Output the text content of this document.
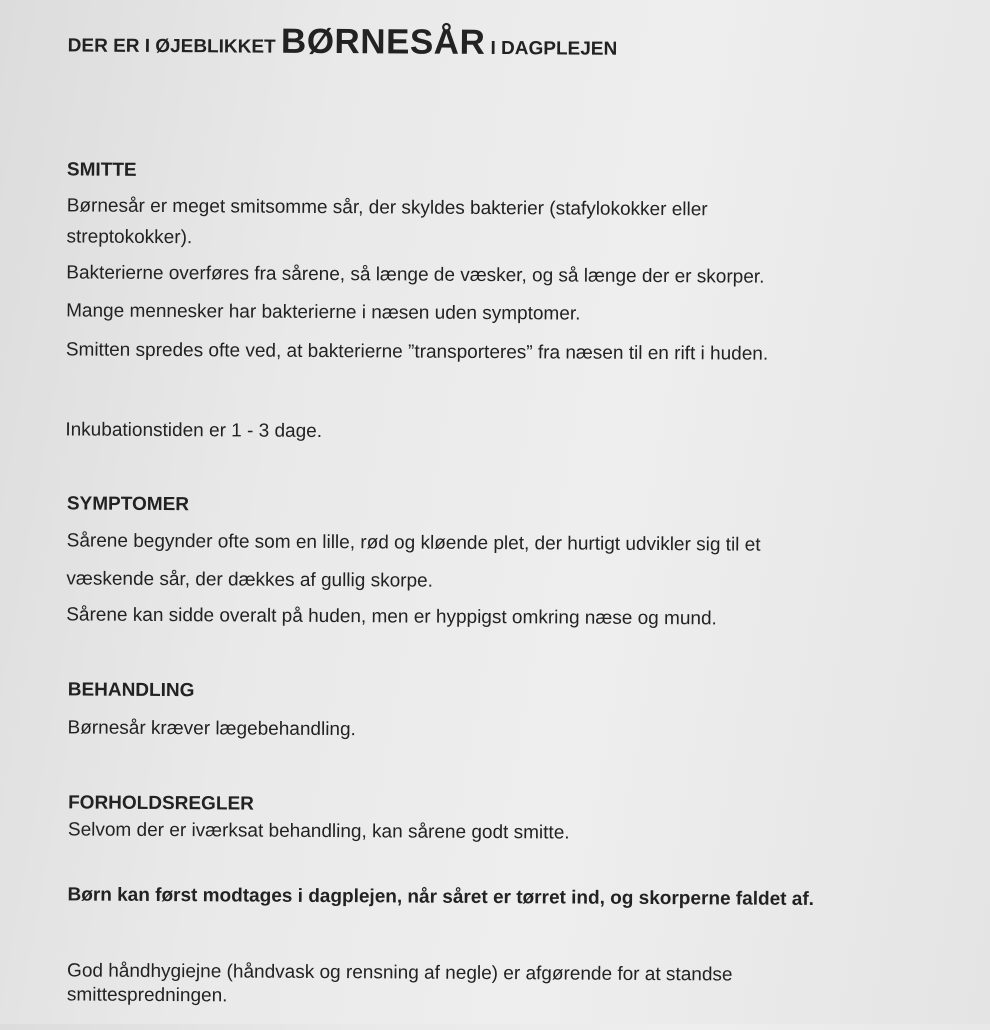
DER ER I ØJEBLIKKET BØRNESÅR I DAGPLEJEN
SMITTE
Børnesår er meget smitsomme sår, der skyldes bakterier (stafylokokker eller
streptokokker).
Bakterierne overføres fra sårene, så længe de væsker, og så længe der er skorper.
Mange mennesker har bakterierne i næsen uden symptomer.
Smitten spredes ofte ved, at bakterierne ”transporteres” fra næsen til en rift i huden.
Inkubationstiden er 1 - 3 dage.
SYMPTOMER
Sårene begynder ofte som en lille, rød og kløende plet, der hurtigt udvikler sig til et
væskende sår, der dækkes af gullig skorpe.
Sårene kan sidde overalt på huden, men er hyppigst omkring næse og mund.
BEHANDLING
Børnesår kræver lægebehandling.
FORHOLDSREGLER
Selvom der er iværksat behandling, kan sårene godt smitte.
Børn kan først modtages i dagplejen, når såret er tørret ind, og skorperne faldet af.
God håndhygiejne (håndvask og rensning af negle) er afgørende for at standse
smittespredningen.
